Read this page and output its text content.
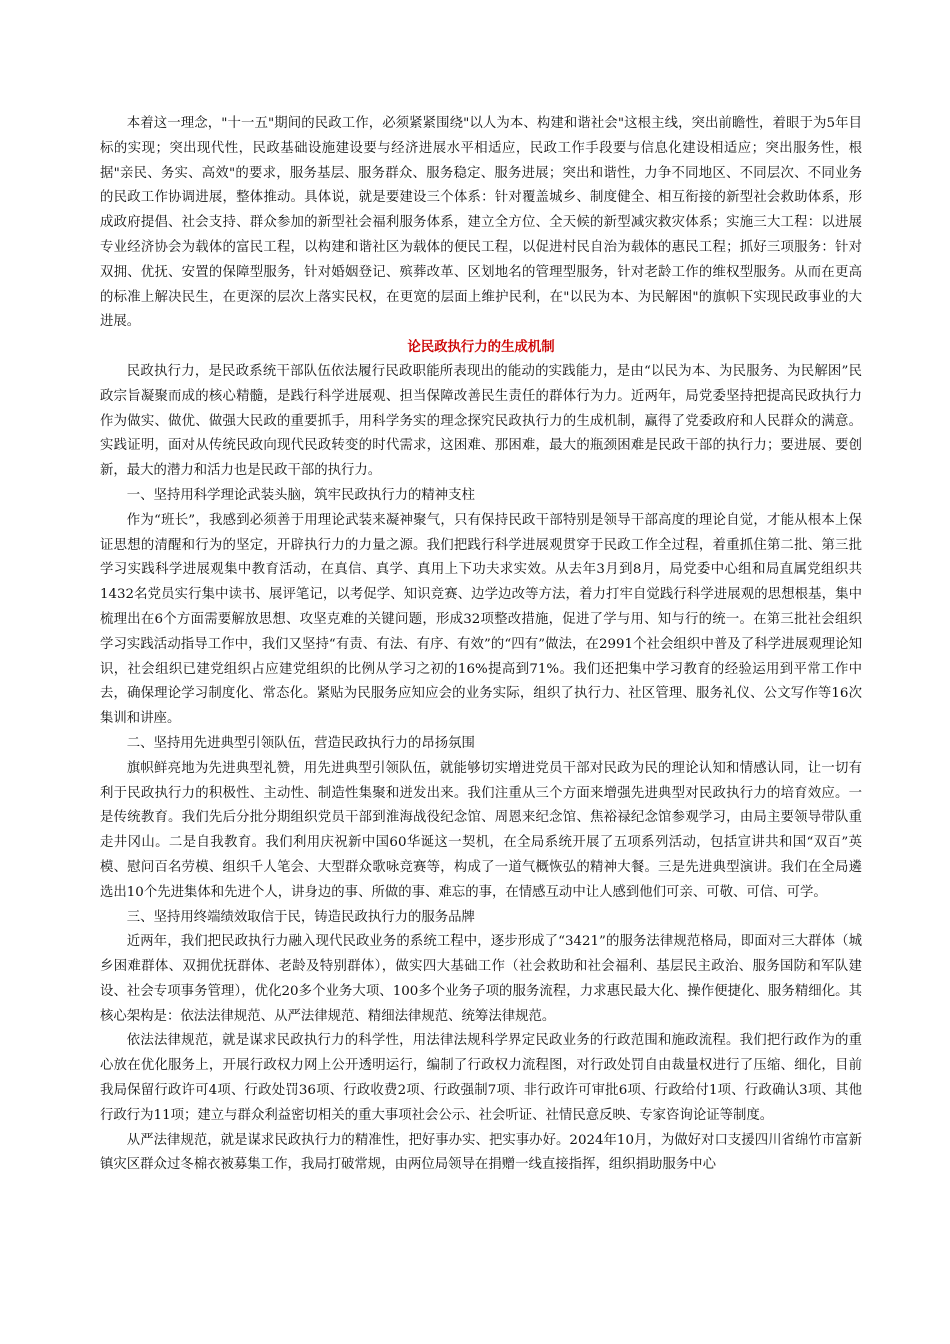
本着这一理念，"十一五"期间的民政工作，必须紧紧围绕"以人为本、构建和谐社会"这根主线，突出前瞻性，着眼于为5年目标的实现；突出现代性，民政基础设施建设要与经济进展水平相适应，民政工作手段要与信息化建设相适应；突出服务性，根据"亲民、务实、高效"的要求，服务基层、服务群众、服务稳定、服务进展；突出和谐性，力争不同地区、不同层次、不同业务的民政工作协调进展，整体推动。具体说，就是要建设三个体系：针对覆盖城乡、制度健全、相互衔接的新型社会救助体系，形成政府提倡、社会支持、群众参加的新型社会福利服务体系，建立全方位、全天候的新型减灾救灾体系；实施三大工程：以进展专业经济协会为载体的富民工程，以构建和谐社区为载体的便民工程，以促进村民自治为载体的惠民工程；抓好三项服务：针对双拥、优抚、安置的保障型服务，针对婚姻登记、殡葬改革、区划地名的管理型服务，针对老龄工作的维权型服务。从而在更高的标准上解决民生，在更深的层次上落实民权，在更宽的层面上维护民利，在"以民为本、为民解困"的旗帜下实现民政事业的大进展。

论民政执行力的生成机制

民政执行力，是民政系统干部队伍依法履行民政职能所表现出的能动的实践能力，是由“以民为本、为民服务、为民解困”民政宗旨凝聚而成的核心精髓，是践行科学进展观、担当保障改善民生责任的群体行为力。近两年，局党委坚持把提高民政执行力作为做实、做优、做强大民政的重要抓手，用科学务实的理念探究民政执行力的生成机制，赢得了党委政府和人民群众的满意。实践证明，面对从传统民政向现代民政转变的时代需求，这困难、那困难，最大的瓶颈困难是民政干部的执行力；要进展、要创新，最大的潜力和活力也是民政干部的执行力。

一、坚持用科学理论武装头脑，筑牢民政执行力的精神支柱

作为“班长”，我感到必须善于用理论武装来凝神聚气，只有保持民政干部特别是领导干部高度的理论自觉，才能从根本上保证思想的清醒和行为的坚定，开辟执行力的力量之源。我们把践行科学进展观贯穿于民政工作全过程，着重抓住第二批、第三批学习实践科学进展观集中教育活动，在真信、真学、真用上下功夫求实效。从去年3月到8月，局党委中心组和局直属党组织共1432名党员实行集中读书、展评笔记，以考促学、知识竞赛、边学边改等方法，着力打牢自觉践行科学进展观的思想根基，集中梳理出在6个方面需要解放思想、攻坚克难的关键问题，形成32项整改措施，促进了学与用、知与行的统一。在第三批社会组织学习实践活动指导工作中，我们又坚持“有责、有法、有序、有效”的“四有”做法，在2991个社会组织中普及了科学进展观理论知识，社会组织已建党组织占应建党组织的比例从学习之初的16%提高到71%。我们还把集中学习教育的经验运用到平常工作中去，确保理论学习制度化、常态化。紧贴为民服务应知应会的业务实际，组织了执行力、社区管理、服务礼仪、公文写作等16次集训和讲座。

二、坚持用先进典型引领队伍，营造民政执行力的昂扬氛围

旗帜鲜亮地为先进典型礼赞，用先进典型引领队伍，就能够切实增进党员干部对民政为民的理论认知和情感认同，让一切有利于民政执行力的积极性、主动性、制造性集聚和迸发出来。我们注重从三个方面来增强先进典型对民政执行力的培育效应。一是传统教育。我们先后分批分期组织党员干部到淮海战役纪念馆、周恩来纪念馆、焦裕禄纪念馆参观学习，由局主要领导带队重走井冈山。二是自我教育。我们利用庆祝新中国60华诞这一契机，在全局系统开展了五项系列活动，包括宣讲共和国“双百”英模、慰问百名劳模、组织千人笔会、大型群众歌咏竞赛等，构成了一道气概恢弘的精神大餐。三是先进典型演讲。我们在全局遴选出10个先进集体和先进个人，讲身边的事、所做的事、难忘的事，在情感互动中让人感到他们可亲、可敬、可信、可学。

三、坚持用终端绩效取信于民，铸造民政执行力的服务品牌

近两年，我们把民政执行力融入现代民政业务的系统工程中，逐步形成了“3421”的服务法律规范格局，即面对三大群体（城乡困难群体、双拥优抚群体、老龄及特别群体），做实四大基础工作（社会救助和社会福利、基层民主政治、服务国防和军队建设、社会专项事务管理），优化20多个业务大项、100多个业务子项的服务流程，力求惠民最大化、操作便捷化、服务精细化。其核心架构是：依法法律规范、从严法律规范、精细法律规范、统筹法律规范。

依法法律规范，就是谋求民政执行力的科学性，用法律法规科学界定民政业务的行政范围和施政流程。我们把行政作为的重心放在优化服务上，开展行政权力网上公开透明运行，编制了行政权力流程图，对行政处罚自由裁量权进行了压缩、细化，目前我局保留行政许可4项、行政处罚36项、行政收费2项、行政强制7项、非行政许可审批6项、行政给付1项、行政确认3项、其他行政行为11项；建立与群众利益密切相关的重大事项社会公示、社会听证、社情民意反映、专家咨询论证等制度。

从严法律规范，就是谋求民政执行力的精准性，把好事办实、把实事办好。2024年10月，为做好对口支援四川省绵竹市富新镇灾区群众过冬棉衣被募集工作，我局打破常规，由两位局领导在捐赠一线直接指挥，组织捐助服务中心
